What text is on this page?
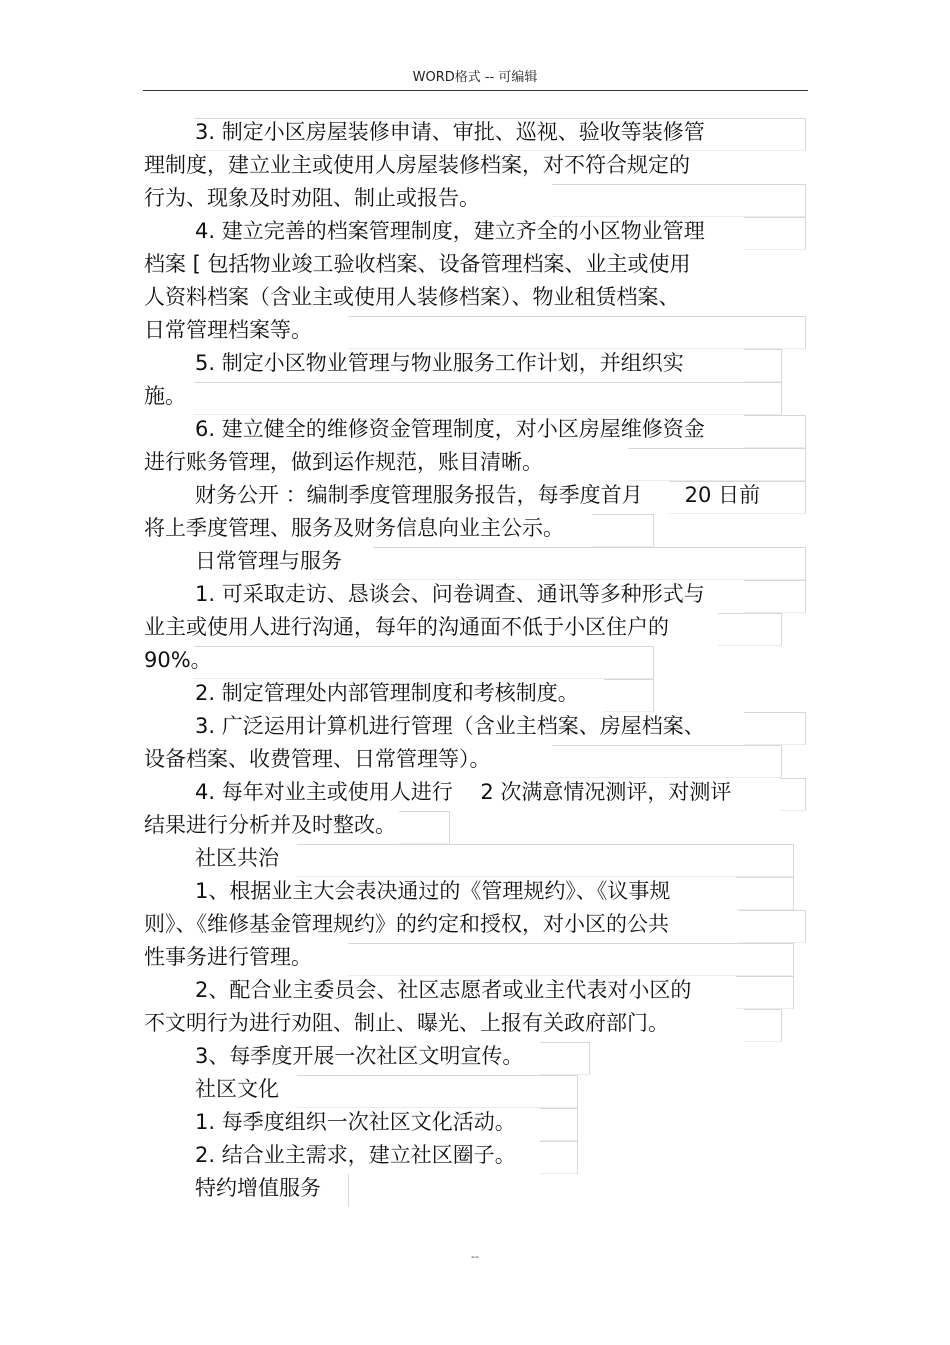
WORD格式 -- 可编辑
3. 制定小区房屋装修申请、审批、巡视、验收等装修管
理制度，建立业主或使用人房屋装修档案，对不符合规定的
行为、现象及时劝阻、制止或报告。
4. 建立完善的档案管理制度，建立齐全的小区物业管理
档案 [ 包括物业竣工验收档案、设备管理档案、业主或使用
人资料档案（含业主或使用人装修档案）、物业租赁档案、
日常管理档案等。
5. 制定小区物业管理与物业服务工作计划，并组织实
施。
6. 建立健全的维修资金管理制度，对小区房屋维修资金
进行账务管理，做到运作规范，账目清晰。
财务公开 ：编制季度管理服务报告，每季度首月　　20 日前
将上季度管理、服务及财务信息向业主公示。
日常管理与服务
1. 可采取走访、恳谈会、问卷调查、通讯等多种形式与
业主或使用人进行沟通，每年的沟通面不低于小区住户的
90%。
2. 制定管理处内部管理制度和考核制度。
3. 广泛运用计算机进行管理（含业主档案、房屋档案、
设备档案、收费管理、日常管理等）。
4. 每年对业主或使用人进行　 2 次满意情况测评，对测评
结果进行分析并及时整改。
社区共治
1、根据业主大会表决通过的《管理规约》、《议事规
则》、《维修基金管理规约》的约定和授权，对小区的公共
性事务进行管理。
2、配合业主委员会、社区志愿者或业主代表对小区的
不文明行为进行劝阻、制止、曝光、上报有关政府部门。
3、每季度开展一次社区文明宣传。
社区文化
1. 每季度组织一次社区文化活动。
2. 结合业主需求，建立社区圈子。
特约增值服务
--
